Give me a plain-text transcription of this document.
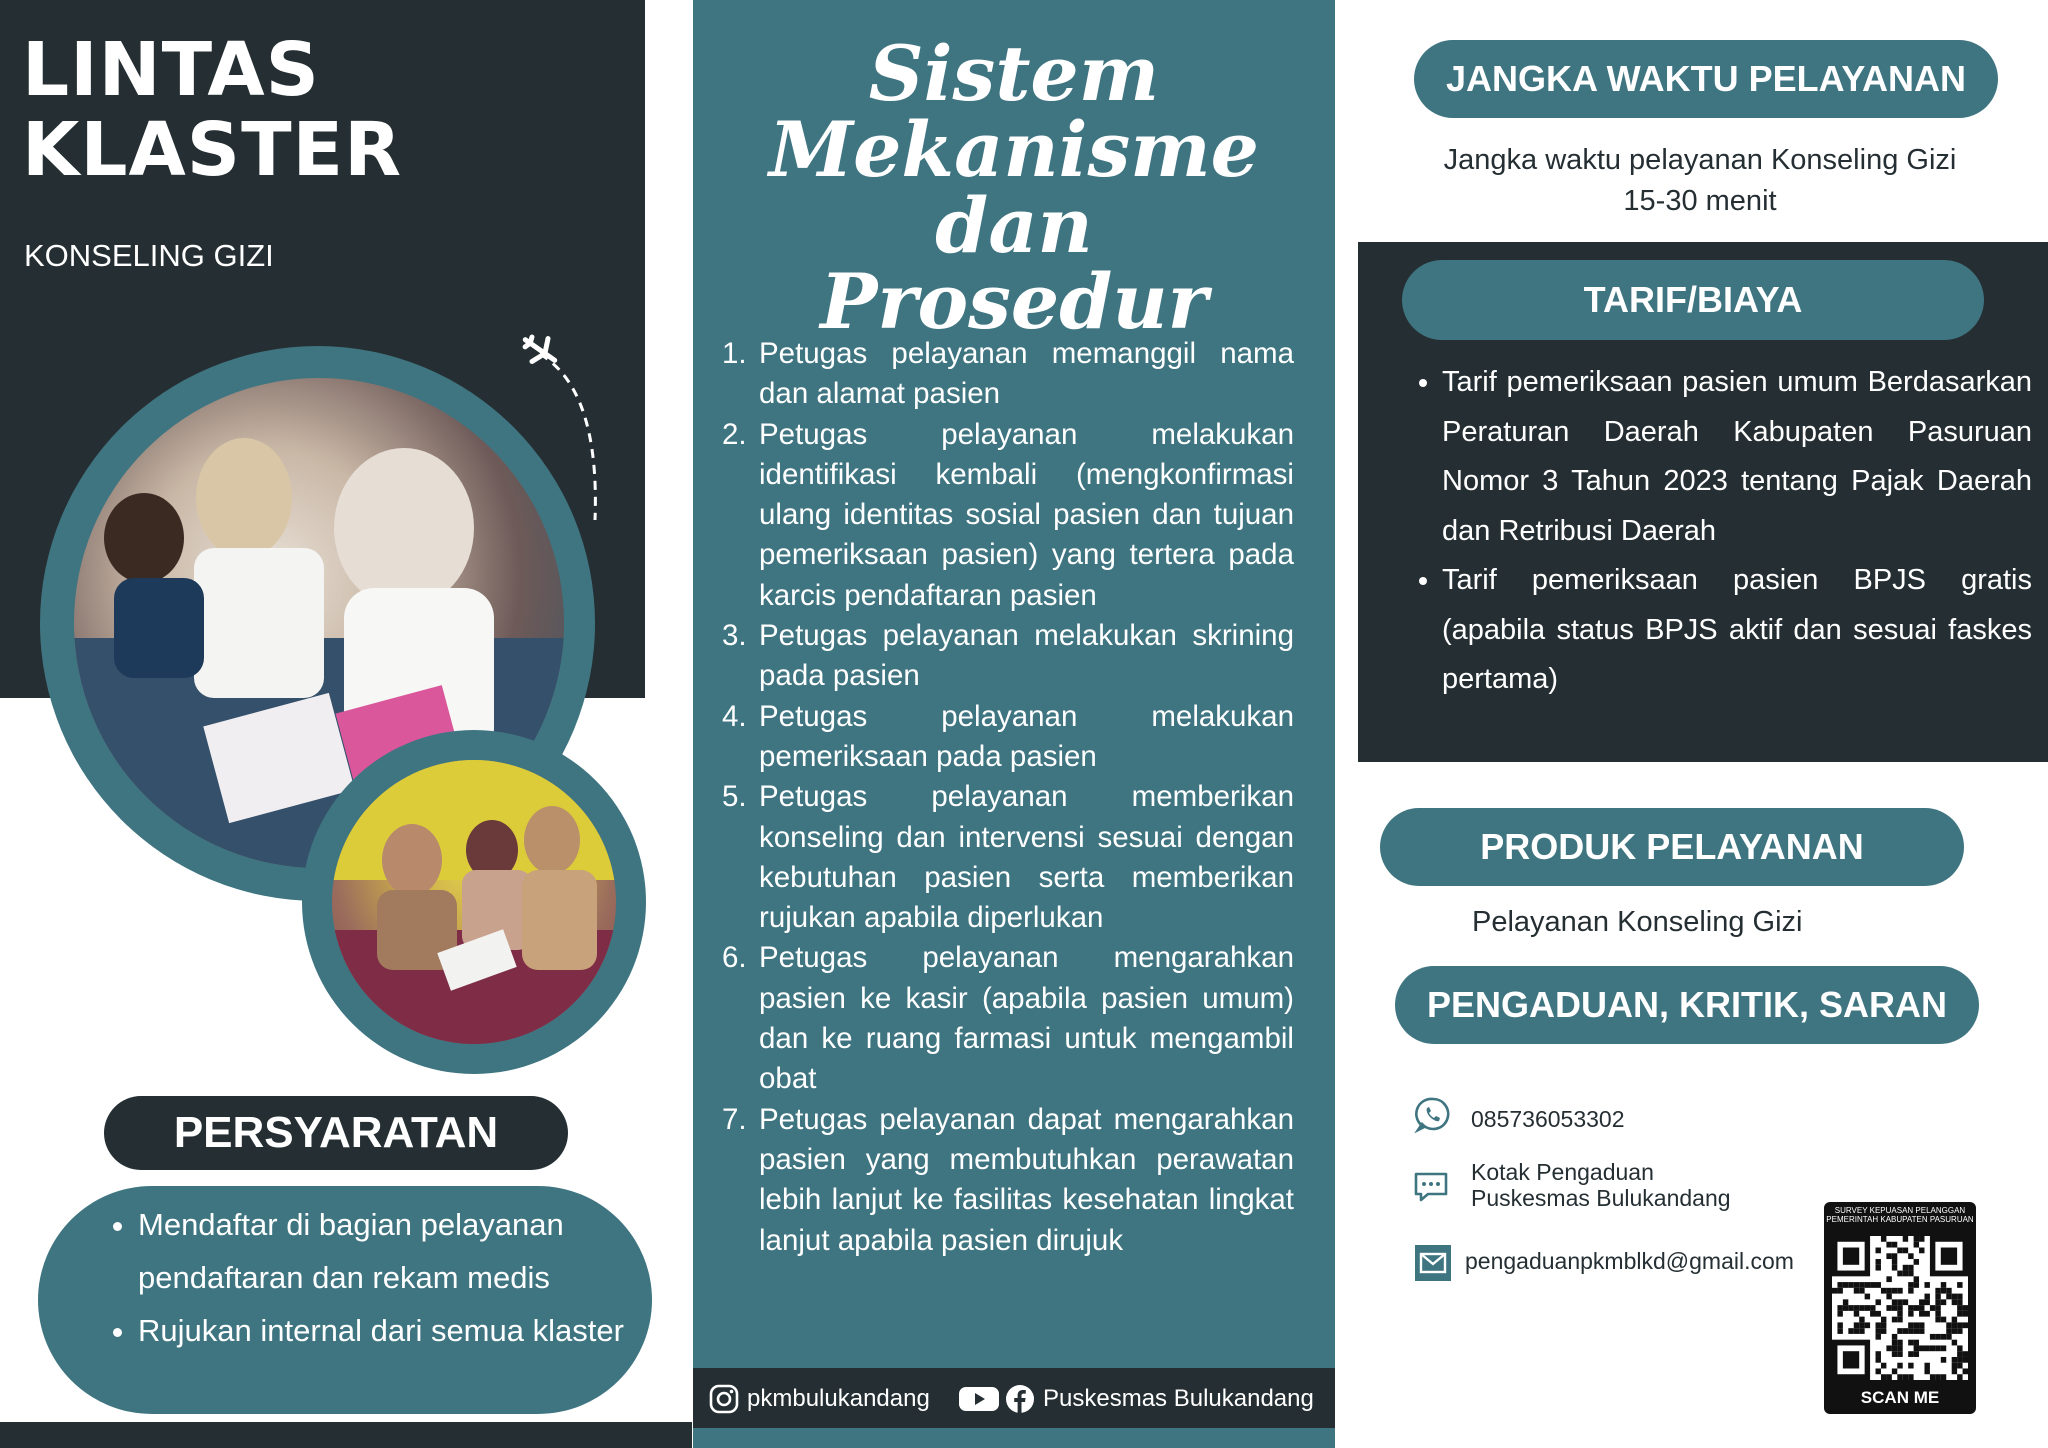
LINTAS
KLASTER
KONSELING GIZI
PERSYARATAN
• Mendaftar di bagian pelayanan pendaftaran dan rekam medis
• Rujukan internal dari semua klaster
Sistem
Mekanisme dan
Prosedur
1. Petugas pelayanan memanggil nama dan alamat pasien
2. Petugas pelayanan melakukan identifikasi kembali (mengkonfirmasi ulang identitas sosial pasien dan tujuan pemeriksaan pasien) yang tertera pada karcis pendaftaran pasien
3. Petugas pelayanan melakukan skrining pada pasien
4. Petugas pelayanan melakukan pemeriksaan pada pasien
5. Petugas pelayanan memberikan konseling dan intervensi sesuai dengan kebutuhan pasien serta memberikan rujukan apabila diperlukan
6. Petugas pelayanan mengarahkan pasien ke kasir (apabila pasien umum) dan ke ruang farmasi untuk mengambil obat
7. Petugas pelayanan dapat mengarahkan pasien yang membutuhkan perawatan lebih lanjut ke fasilitas kesehatan lingkat lanjut apabila pasien dirujuk
pkmbulukandang	Puskesmas Bulukandang
JANGKA WAKTU PELAYANAN
Jangka waktu pelayanan Konseling Gizi
15-30 menit
TARIF/BIAYA
• Tarif pemeriksaan pasien umum Berdasarkan Peraturan Daerah Kabupaten Pasuruan Nomor 3 Tahun 2023 tentang Pajak Daerah dan Retribusi Daerah
• Tarif pemeriksaan pasien BPJS gratis (apabila status BPJS aktif dan sesuai faskes pertama)
PRODUK PELAYANAN
Pelayanan Konseling Gizi
PENGADUAN, KRITIK, SARAN
085736053302
Kotak Pengaduan
Puskesmas Bulukandang
pengaduanpkmblkd@gmail.com
SURVEY KEPUASAN PELANGGAN
PEMERINTAH KABUPATEN PASURUAN
SCAN ME
